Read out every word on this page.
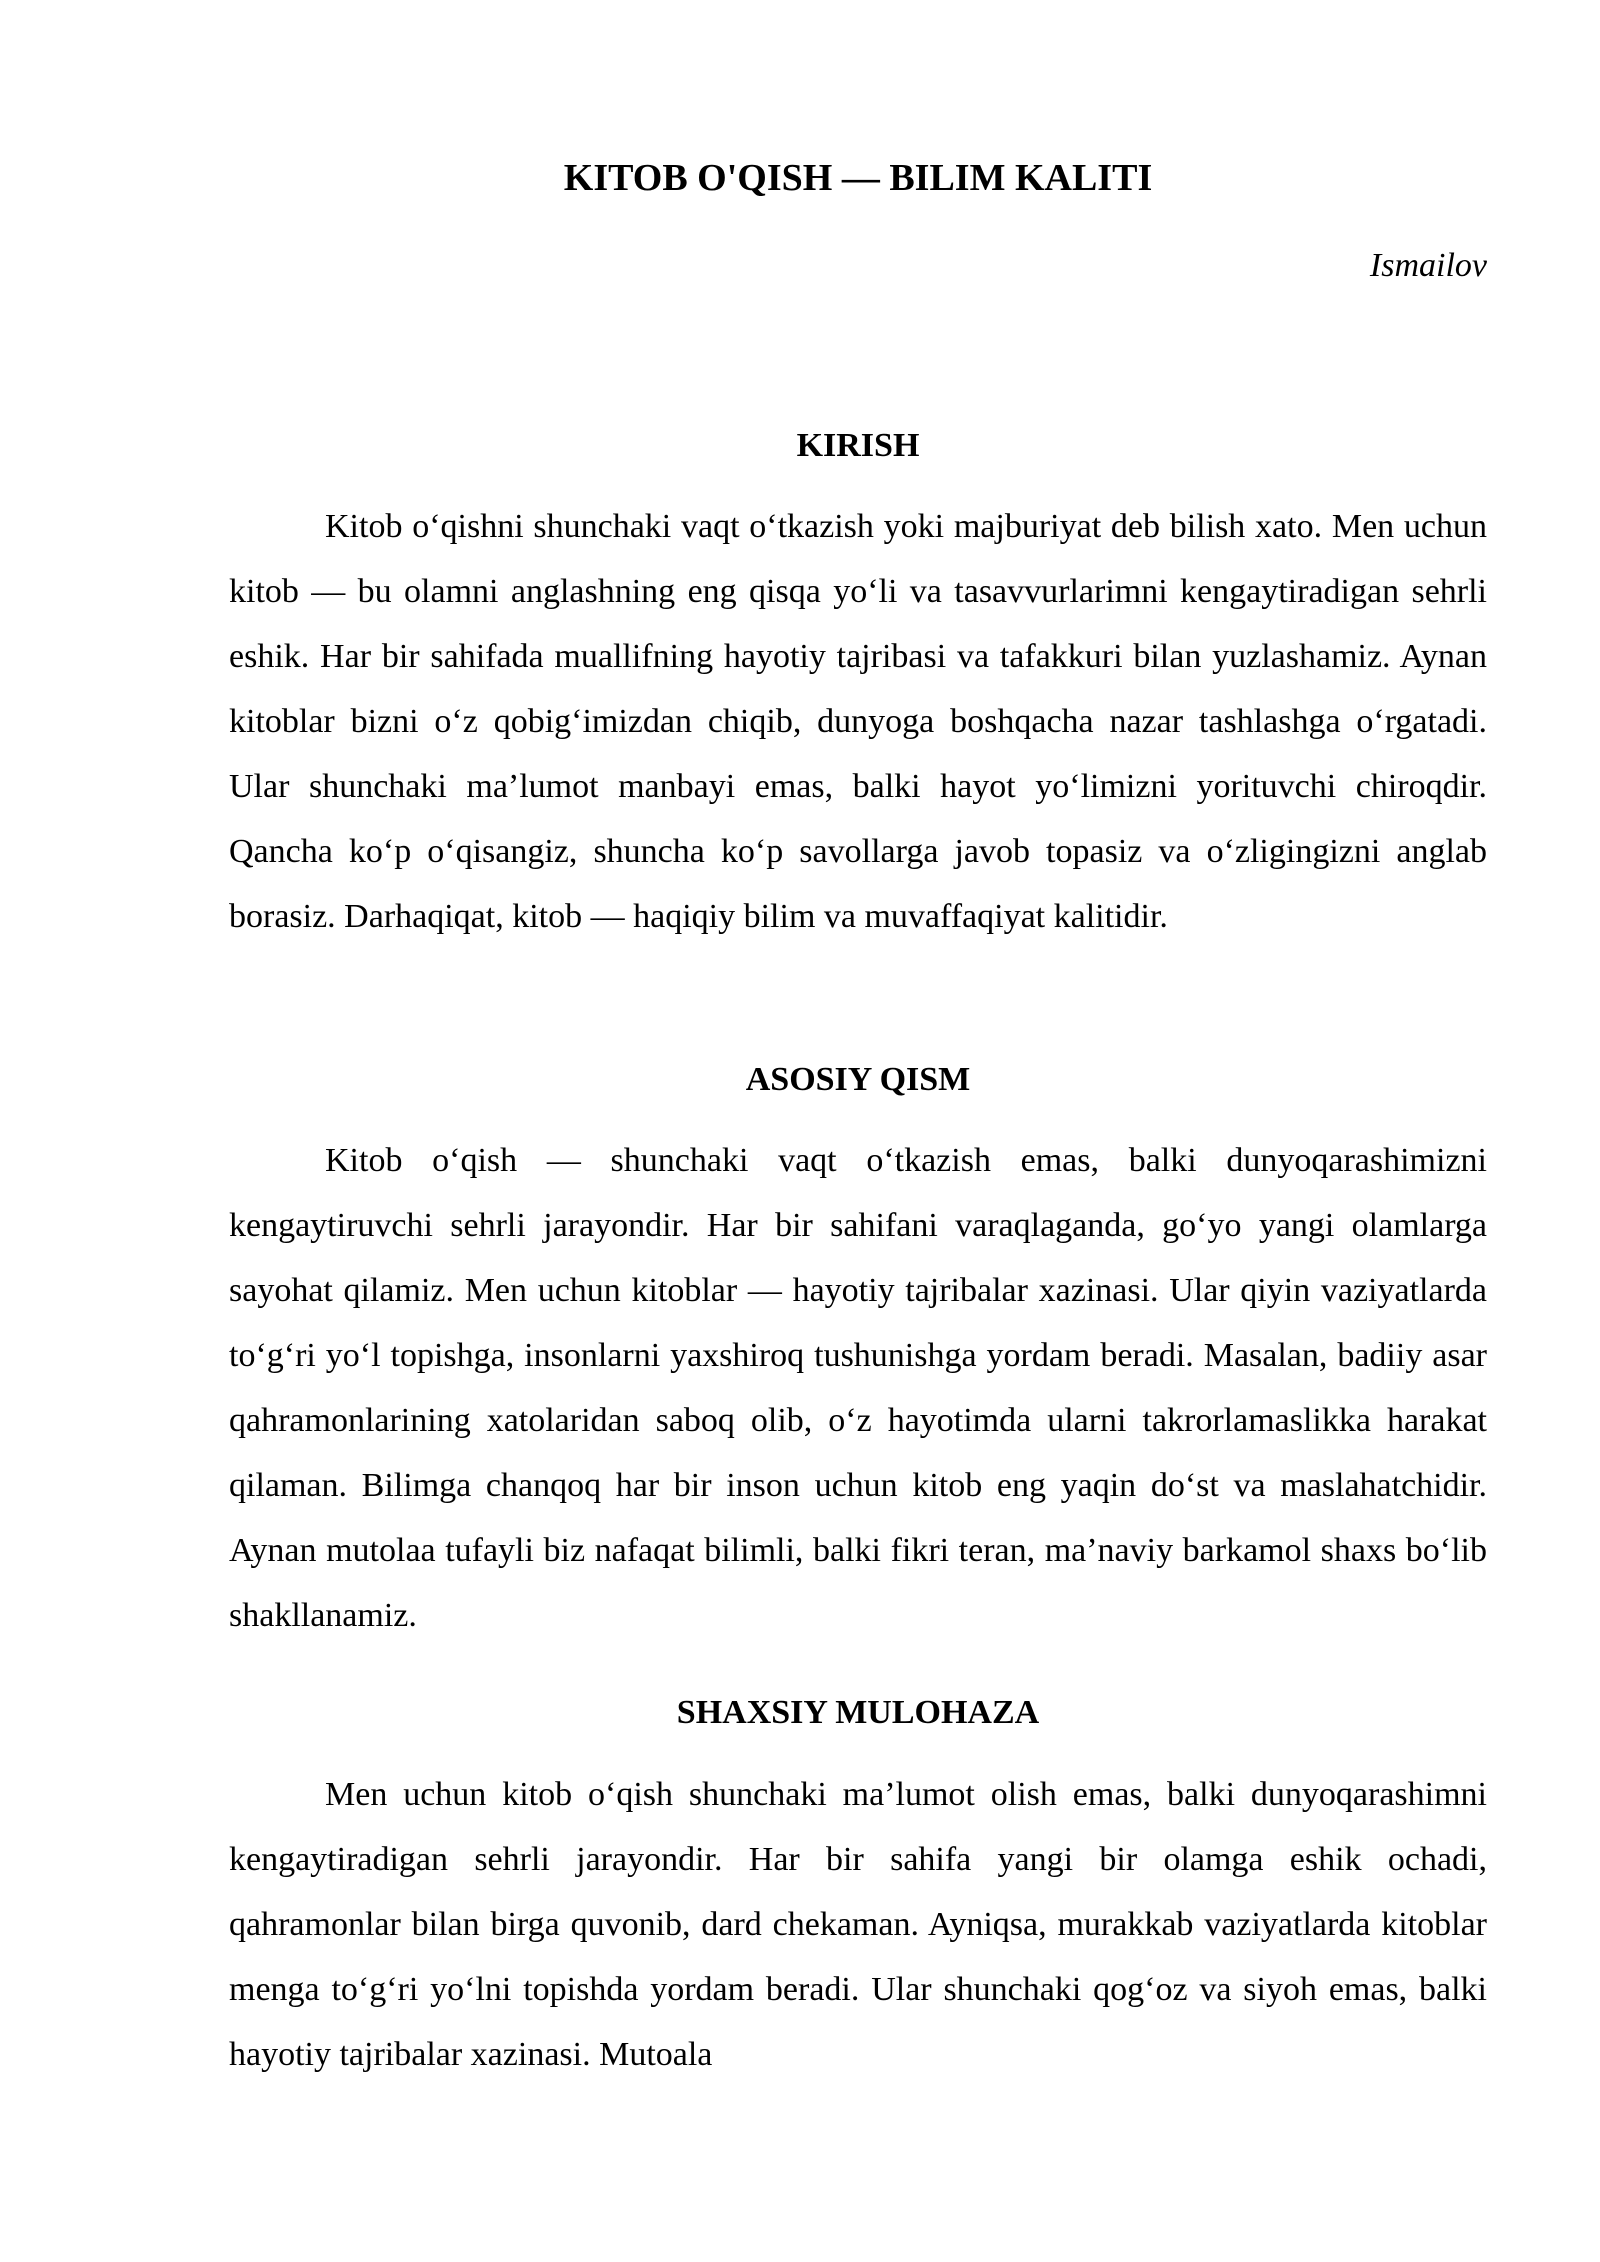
KITOB O'QISH — BILIM KALITI
Ismailov
KIRISH

Kitob o‘qishni shunchaki vaqt o‘tkazish yoki majburiyat deb bilish xato. Men uchun kitob — bu olamni anglashning eng qisqa yo‘li va tasavvurlarimni kengaytiradigan sehrli eshik. Har bir sahifada muallifning hayotiy tajribasi va tafakkuri bilan yuzlashamiz. Aynan kitoblar bizni o‘z qobig‘imizdan chiqib, dunyoga boshqacha nazar tashlashga o‘rgatadi. Ular shunchaki ma’lumot manbayi emas, balki hayot yo‘limizni yorituvchi chiroqdir. Qancha ko‘p o‘qisangiz, shuncha ko‘p savollarga javob topasiz va o‘zligingizni anglab borasiz. Darhaqiqat, kitob — haqiqiy bilim va muvaffaqiyat kalitidir.

ASOSIY QISM

Kitob o‘qish — shunchaki vaqt o‘tkazish emas, balki dunyoqarashimizni kengaytiruvchi sehrli jarayondir. Har bir sahifani varaqlaganda, go‘yo yangi olamlarga sayohat qilamiz. Men uchun kitoblar — hayotiy tajribalar xazinasi. Ular qiyin vaziyatlarda to‘g‘ri yo‘l topishga, insonlarni yaxshiroq tushunishga yordam beradi. Masalan, badiiy asar qahramonlarining xatolaridan saboq olib, o‘z hayotimda ularni takrorlamaslikka harakat qilaman. Bilimga chanqoq har bir inson uchun kitob eng yaqin do‘st va maslahatchidir. Aynan mutolaa tufayli biz nafaqat bilimli, balki fikri teran, ma’naviy barkamol shaxs bo‘lib shakllanamiz.

SHAXSIY MULOHAZA

Men uchun kitob o‘qish shunchaki ma’lumot olish emas, balki dunyoqarashimni kengaytiradigan sehrli jarayondir. Har bir sahifa yangi bir olamga eshik ochadi, qahramonlar bilan birga quvonib, dard chekaman. Ayniqsa, murakkab vaziyatlarda kitoblar menga to‘g‘ri yo‘lni topishda yordam beradi. Ular shunchaki qog‘oz va siyoh emas, balki hayotiy tajribalar xazinasi. Mutoala
